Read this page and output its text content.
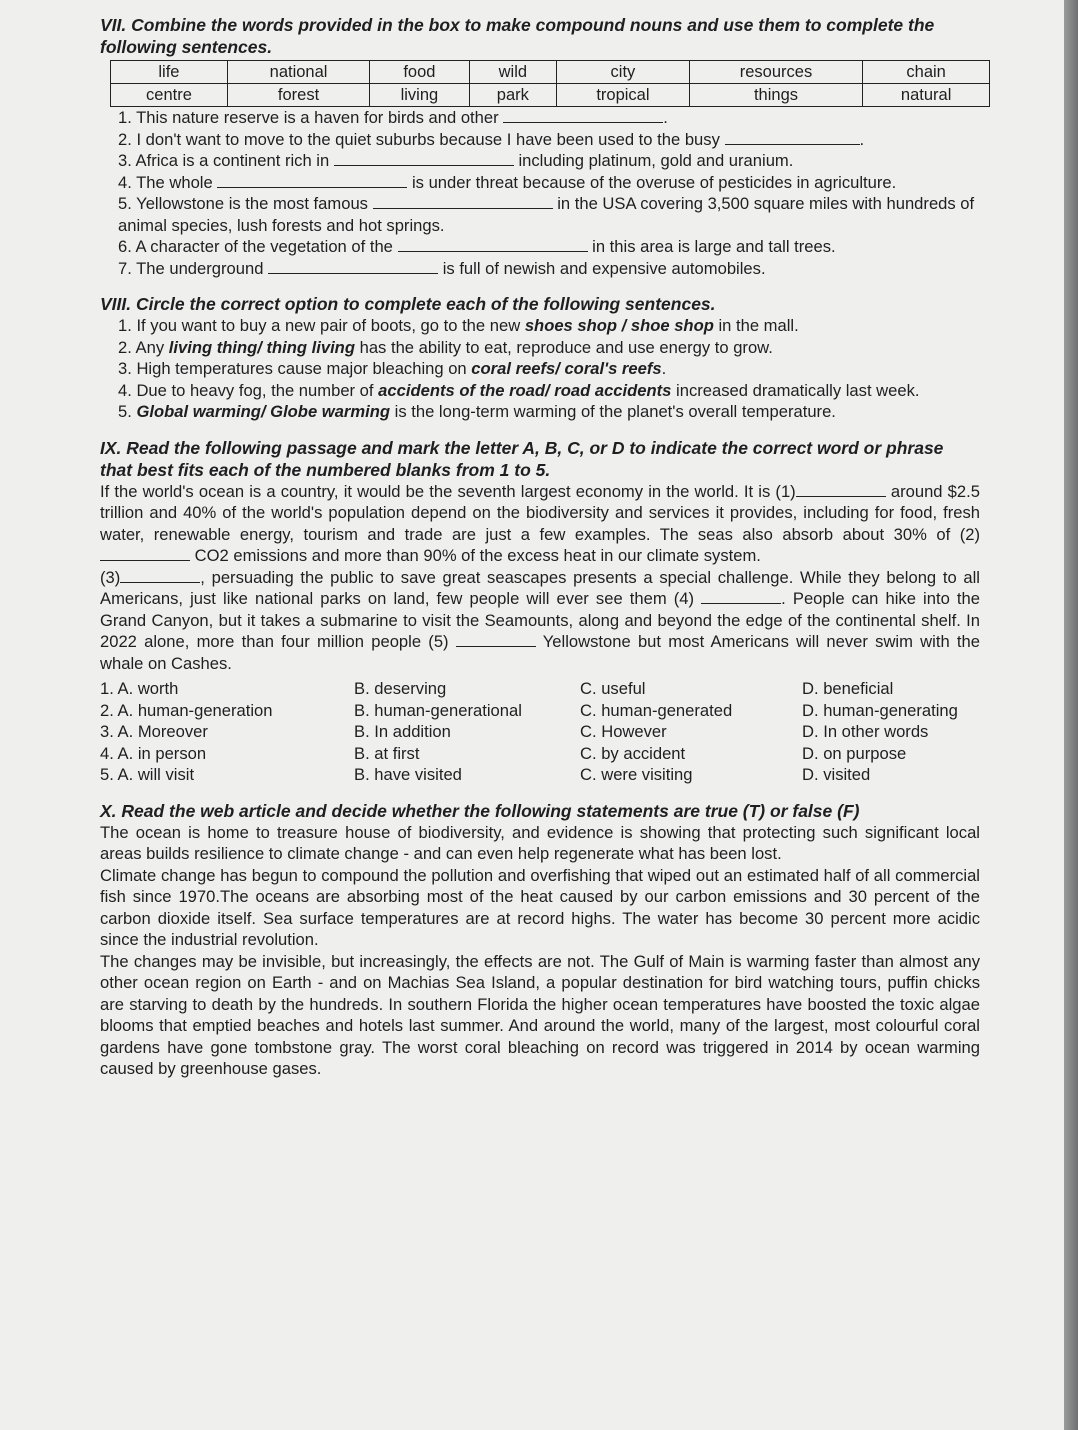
VII. Combine the words provided in the box to make compound nouns and use them to complete the following sentences.

life	national	food	wild	city	resources	chain
centre	forest	living	park	tropical	things	natural

1. This nature reserve is a haven for birds and other	.

2. I don't want to move to the quiet suburbs because I have been used to the busy	.

3. Africa is a continent rich in	including platinum, gold and uranium.

4. The whole	is under threat because of the overuse of pesticides in agriculture.

5. Yellowstone is the most famous	in the USA covering 3,500 square miles with hundreds of animal species, lush forests and hot springs.

6. A character of the vegetation of the	in this area is large and tall trees.

7. The underground	is full of newish and expensive automobiles.

VIII. Circle the correct option to complete each of the following sentences.

1. If you want to buy a new pair of boots, go to the new shoes shop / shoe shop in the mall.

2. Any living thing/ thing living has the ability to eat, reproduce and use energy to grow.

3. High temperatures cause major bleaching on coral reefs/ coral's reefs.

4. Due to heavy fog, the number of accidents of the road/ road accidents increased dramatically last week.

5. Global warming/ Globe warming is the long-term warming of the planet's overall temperature.

IX. Read the following passage and mark the letter A, B, C, or D to indicate the correct word or phrase that best fits each of the numbered blanks from 1 to 5.

If the world's ocean is a country, it would be the seventh largest economy in the world. It is (1)	around $2.5 trillion and 40% of the world's population depend on the biodiversity and services it provides, including for food, fresh water, renewable energy, tourism and trade are just a few examples. The seas also absorb about 30% of (2)  CO2 emissions and more than 90% of the excess heat in our climate system.
(3)	, persuading the public to save great seascapes presents a special challenge. While they belong to all Americans, just like national parks on land, few people will ever see them (4)	. People can hike into the Grand Canyon, but it takes a submarine to visit the Seamounts, along and beyond the edge of the continental shelf. In 2022 alone, more than four million people (5)	Yellowstone but most Americans will never swim with the whale on Cashes.

1. A. worth	B. deserving	C. useful	D. beneficial
2. A. human-generation	B. human-generational	C. human-generated	D. human-generating
3. A. Moreover	B. In addition	C. However	D. In other words
4. A. in person	B. at first	C. by accident	D. on purpose
5. A. will visit	B. have visited	C. were visiting	D. visited

X. Read the web article and decide whether the following statements are true (T) or false (F)

The ocean is home to treasure house of biodiversity, and evidence is showing that protecting such significant local areas builds resilience to climate change - and can even help regenerate what has been lost.

Climate change has begun to compound the pollution and overfishing that wiped out an estimated half of all commercial fish since 1970.The oceans are absorbing most of the heat caused by our carbon emissions and 30 percent of the carbon dioxide itself. Sea surface temperatures are at record highs. The water has become 30 percent more acidic since the industrial revolution.

The changes may be invisible, but increasingly, the effects are not. The Gulf of Main is warming faster than almost any other ocean region on Earth - and on Machias Sea Island, a popular destination for bird watching tours, puffin chicks are starving to death by the hundreds. In southern Florida the higher ocean temperatures have boosted the toxic algae blooms that emptied beaches and hotels last summer. And around the world, many of the largest, most colourful coral gardens have gone tombstone gray. The worst coral bleaching on record was triggered in 2014 by ocean warming caused by greenhouse gases.
